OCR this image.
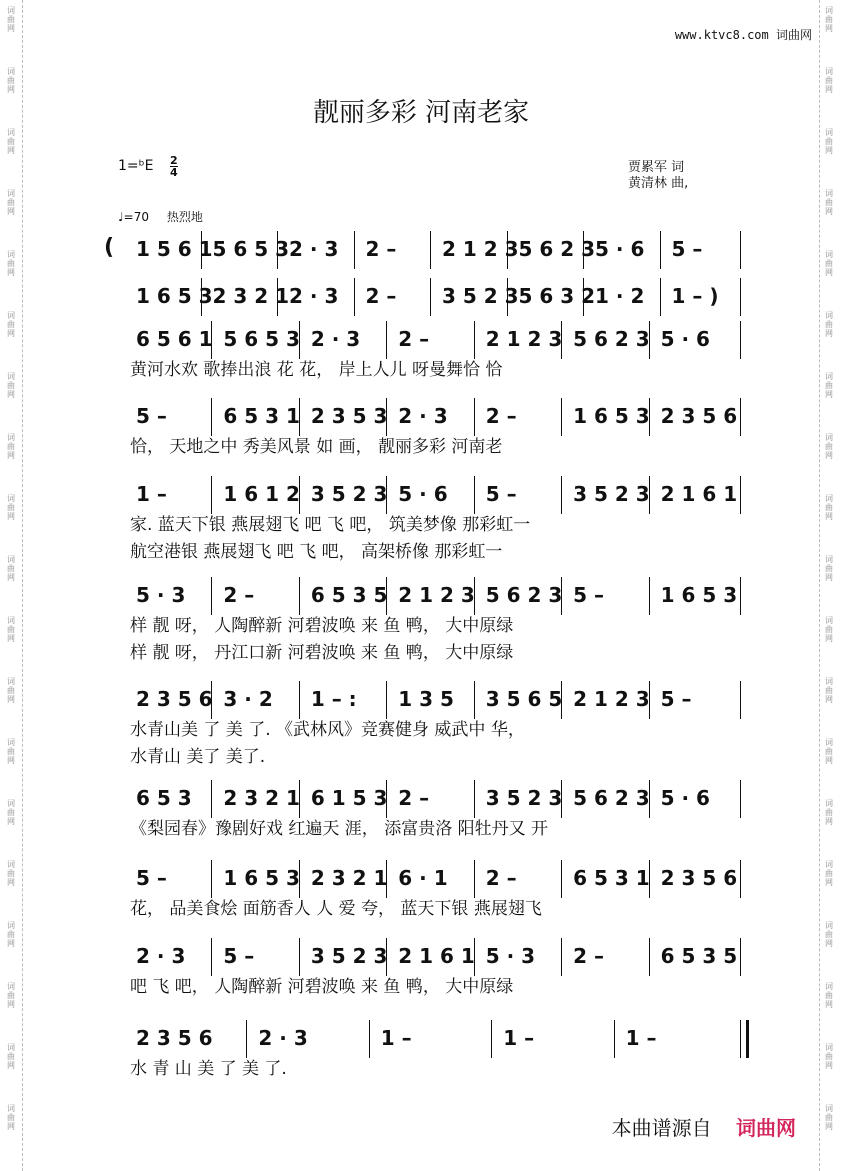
词
曲
网
词
曲
网
词
曲
网
词
曲
网
词
曲
网
词
曲
网
词
曲
网
词
曲
网
词
曲
网
词
曲
网
词
曲
网
词
曲
网
词
曲
网
词
曲
网
词
曲
网
词
曲
网
词
曲
网
词
曲
网
词
曲
网
词
曲
网
词
曲
网
词
曲
网
词
曲
网
词
曲
网
词
曲
网
词
曲
网
词
曲
网
词
曲
网
词
曲
网
词
曲
网
词
曲
网
词
曲
网
词
曲
网
词
曲
网
词
曲
网
词
曲
网
词
曲
网
词
曲
网
www.ktvc8.com 词曲网
靓丽多彩 河南老家
1=ᵇE 2
4	贾累军 词
黄清林 曲,
♩=70 热烈地
( 1 5 6 1 5 6 5 3 2 · 3 2 – 2 1 2 3 5 6 2 3 5 · 6 5 –
1 6 5 3 2 3 2 1 2 · 3 2 – 3 5 2 3 5 6 3 2 1 · 2 1 – )
6 5 6 1 5 6 5 3 2 · 3 2 –	2 1 2 3 5 6 2 3 5 · 6
黄河水欢 歌捧出浪 花 花， 岸上人儿 呀曼舞恰 恰
5 –	6 5 3 1 2 3 5 3 2 · 3 2 –	1 6 5 3 2 3 5 6
恰， 天地之中 秀美风景 如 画， 靓丽多彩 河南老
1 –	1 6 1 2 3 5 2 3 5 · 6 5 –	3 5 2 3 2 1 6 1
家. 蓝天下银 燕展翅飞 吧 飞 吧， 筑美梦像 那彩虹一
航空港银 燕展翅飞 吧 飞 吧， 高架桥像 那彩虹一
5 · 3 2 –	6 5 3 5 2 1 2 3 5 6 2 3 5 –	1 6 5 3
样 靓 呀， 人陶醉新 河碧波唤 来 鱼 鸭， 大中原绿
样 靓 呀， 丹江口新 河碧波唤 来 鱼 鸭， 大中原绿
2 3 5 6 3 · 2 1 – : 1 3 5 3 5 6 5 2 1 2 3 5 –
水青山美 了 美 了. 《武林风》竞赛健身 威武中 华，
水青山 美了 美了.
6 5 3 2 3 2 1 6 1 5 3 2 –	3 5 2 3 5 6 2 3 5 · 6
《梨园春》豫剧好戏 红遍天 涯， 添富贵洛 阳牡丹又 开
5 –	1 6 5 3 2 3 2 1 6 · 1 2 –	6 5 3 1 2 3 5 6
花， 品美食烩 面筋香人 人 爱 夸， 蓝天下银 燕展翅飞
2 · 3 5 –	3 5 2 3 2 1 6 1 5 · 3 2 –	6 5 3 5
吧 飞 吧， 人陶醉新 河碧波唤 来 鱼 鸭， 大中原绿
2 3 5 6 2 · 3	1 –	1 –	1 –
水 青 山 美 了 美 了.
本曲谱源自 词曲网
